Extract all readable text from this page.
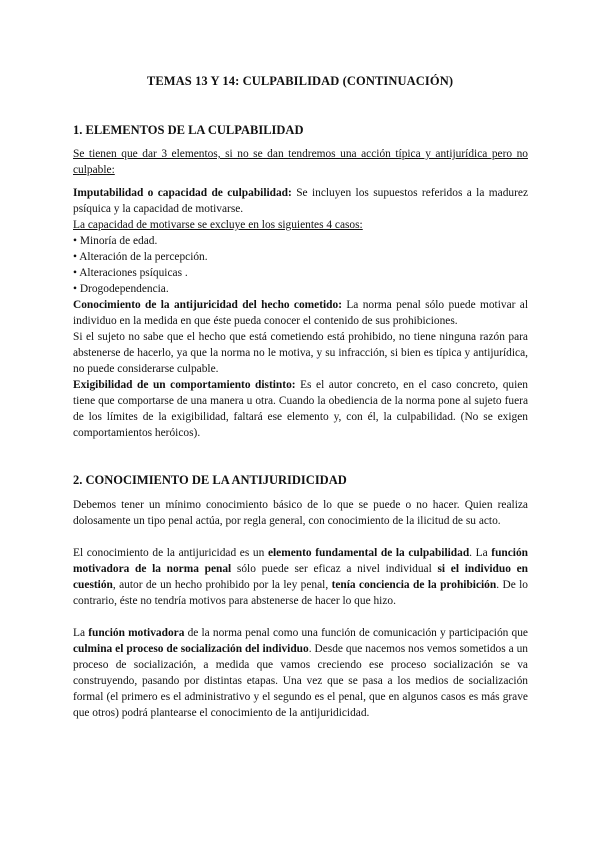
TEMAS 13 Y 14: CULPABILIDAD (CONTINUACIÓN)
1. ELEMENTOS DE LA CULPABILIDAD

Se tienen que dar 3 elementos, si no se dan tendremos una acción típica y antijurídica pero no culpable:

Imputabilidad o capacidad de culpabilidad: Se incluyen los supuestos referidos a la madurez psíquica y la capacidad de motivarse.

La capacidad de motivarse se excluye en los siguientes 4 casos:

• Minoría de edad.
• Alteración de la percepción.
• Alteraciones psíquicas .
• Drogodependencia.

Conocimiento de la antijuricidad del hecho cometido: La norma penal sólo puede motivar al individuo en la medida en que éste pueda conocer el contenido de sus prohibiciones.

Si el sujeto no sabe que el hecho que está cometiendo está prohibido, no tiene ninguna razón para abstenerse de hacerlo, ya que la norma no le motiva, y su infracción, si bien es típica y antijurídica, no puede considerarse culpable.

Exigibilidad de un comportamiento distinto: Es el autor concreto, en el caso concreto, quien tiene que comportarse de una manera u otra. Cuando la obediencia de la norma pone al sujeto fuera de los límites de la exigibilidad, faltará ese elemento y, con él, la culpabilidad. (No se exigen comportamientos heróicos).

2. CONOCIMIENTO DE LA ANTIJURIDICIDAD

Debemos tener un mínimo conocimiento básico de lo que se puede o no hacer. Quien realiza dolosamente un tipo penal actúa, por regla general, con conocimiento de la ilicitud de su acto.

El conocimiento de la antijuricidad es un elemento fundamental de la culpabilidad. La función motivadora de la norma penal sólo puede ser eficaz a nivel individual si el individuo en cuestión, autor de un hecho prohibido por la ley penal, tenía conciencia de la prohibición. De lo contrario, éste no tendría motivos para abstenerse de hacer lo que hizo.

La función motivadora de la norma penal como una función de comunicación y participación que culmina el proceso de socialización del individuo. Desde que nacemos nos vemos sometidos a un proceso de socialización, a medida que vamos creciendo ese proceso socialización se va construyendo, pasando por distintas etapas. Una vez que se pasa a los medios de socialización formal (el primero es el administrativo y el segundo es el penal, que en algunos casos es más grave que otros) podrá plantearse el conocimiento de la antijuridicidad.
